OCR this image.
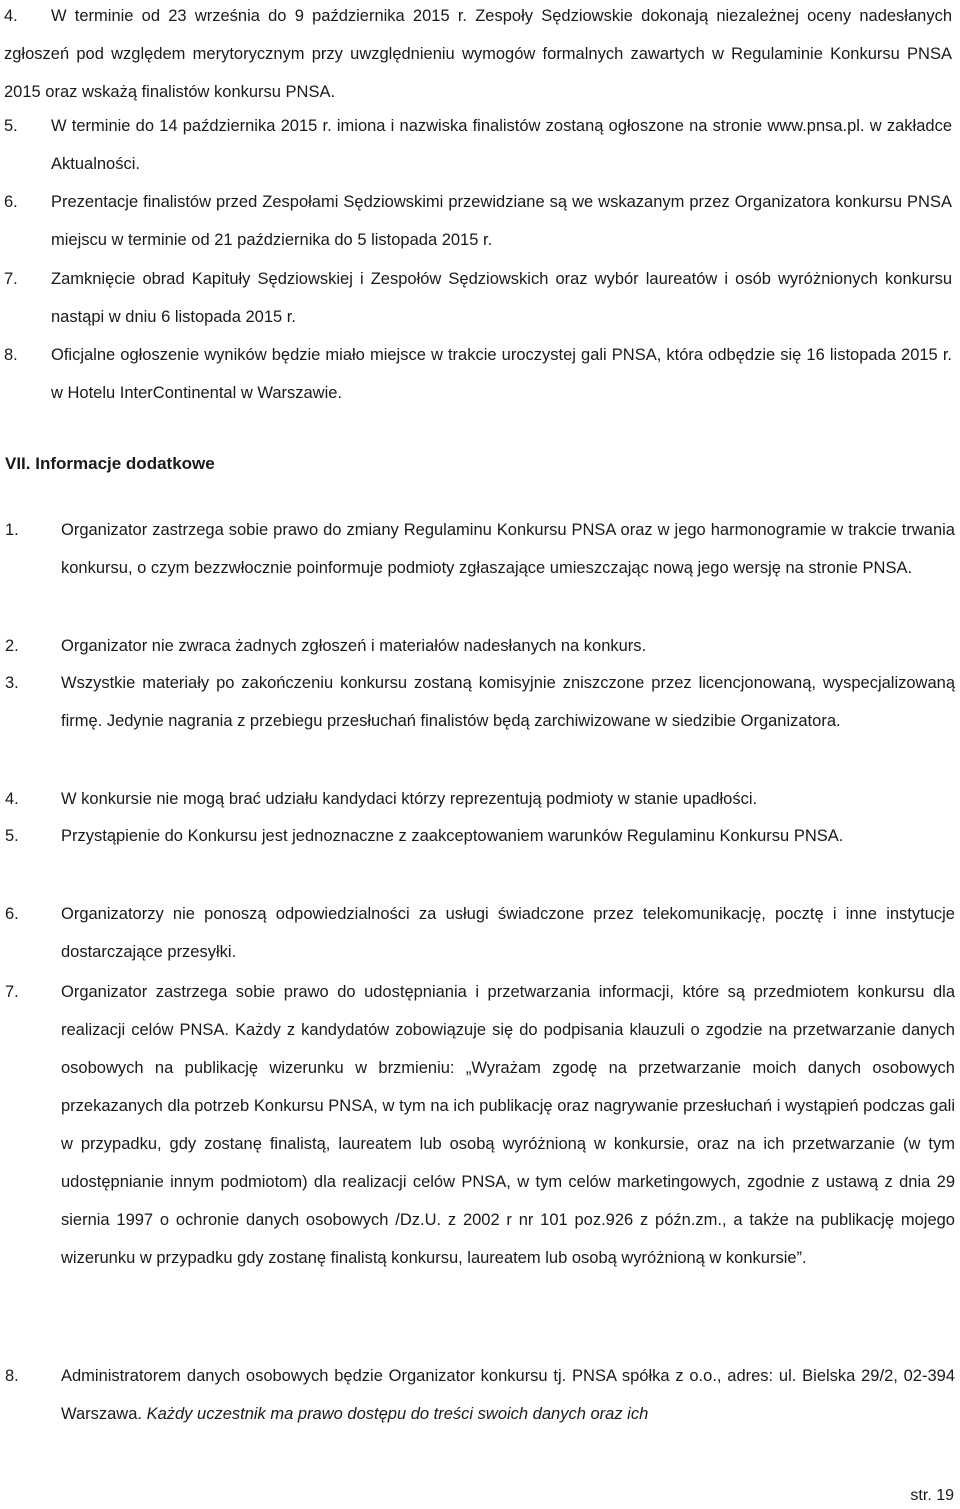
4.	W terminie od 23 września do 9 października 2015 r. Zespoły Sędziowskie dokonają niezależnej oceny nadesłanych zgłoszeń pod względem merytorycznym przy uwzględnieniu wymogów formalnych zawartych w Regulaminie Konkursu PNSA 2015 oraz wskażą finalistów konkursu PNSA.
5.	W terminie do 14 października 2015 r. imiona i nazwiska finalistów zostaną ogłoszone na stronie www.pnsa.pl. w zakładce Aktualności.
6.	Prezentacje finalistów przed Zespołami Sędziowskimi przewidziane są we wskazanym przez Organizatora konkursu PNSA miejscu w terminie od 21 października do 5 listopada 2015 r.
7.	Zamknięcie obrad Kapituły Sędziowskiej i Zespołów Sędziowskich oraz wybór laureatów i osób wyróżnionych konkursu nastąpi w dniu 6 listopada 2015 r.
8.	Oficjalne ogłoszenie wyników będzie miało miejsce w trakcie uroczystej gali PNSA, która odbędzie się 16 listopada 2015 r. w Hotelu InterContinental w Warszawie.
VII. Informacje dodatkowe
1.	Organizator zastrzega sobie prawo do zmiany Regulaminu Konkursu PNSA oraz w jego harmonogramie w trakcie trwania konkursu, o czym bezzwłocznie poinformuje podmioty zgłaszające umieszczając nową jego wersję na stronie PNSA.
2.	Organizator nie zwraca żadnych zgłoszeń i materiałów nadesłanych na konkurs.
3.	Wszystkie materiały po zakończeniu konkursu zostaną komisyjnie zniszczone przez licencjonowaną, wyspecjalizowaną firmę. Jedynie nagrania z przebiegu przesłuchań finalistów będą zarchiwizowane w siedzibie Organizatora.
4.	W konkursie nie mogą brać udziału kandydaci którzy reprezentują podmioty w stanie upadłości.
5.	Przystąpienie do Konkursu jest jednoznaczne z zaakceptowaniem warunków Regulaminu Konkursu PNSA.
6.	Organizatorzy nie ponoszą odpowiedzialności za usługi świadczone przez telekomunikację, pocztę i inne instytucje dostarczające przesyłki.
7.	Organizator zastrzega sobie prawo do udostępniania i przetwarzania informacji, które są przedmiotem konkursu dla realizacji celów PNSA. Każdy z kandydatów zobowiązuje się do podpisania klauzuli o zgodzie na przetwarzanie danych osobowych na publikację wizerunku w brzmieniu: „Wyrażam zgodę na przetwarzanie moich danych osobowych przekazanych dla potrzeb Konkursu PNSA, w tym na ich publikację oraz nagrywanie przesłuchań i wystąpień podczas gali w przypadku, gdy zostanę finalistą, laureatem lub osobą wyróżnioną w konkursie, oraz na ich przetwarzanie (w tym udostępnianie innym podmiotom) dla realizacji celów PNSA, w tym celów marketingowych, zgodnie z ustawą z dnia 29 siernia 1997 o ochronie danych osobowych /Dz.U. z 2002 r nr 101 poz.926 z późn.zm., a także na publikację mojego wizerunku w przypadku gdy zostanę finalistą konkursu, laureatem lub osobą wyróżnioną w konkursie”.
8.	Administratorem danych osobowych będzie Organizator konkursu tj. PNSA spółka z o.o., adres: ul. Bielska 29/2, 02-394 Warszawa. Każdy uczestnik ma prawo dostępu do treści swoich danych oraz ich
str. 19
